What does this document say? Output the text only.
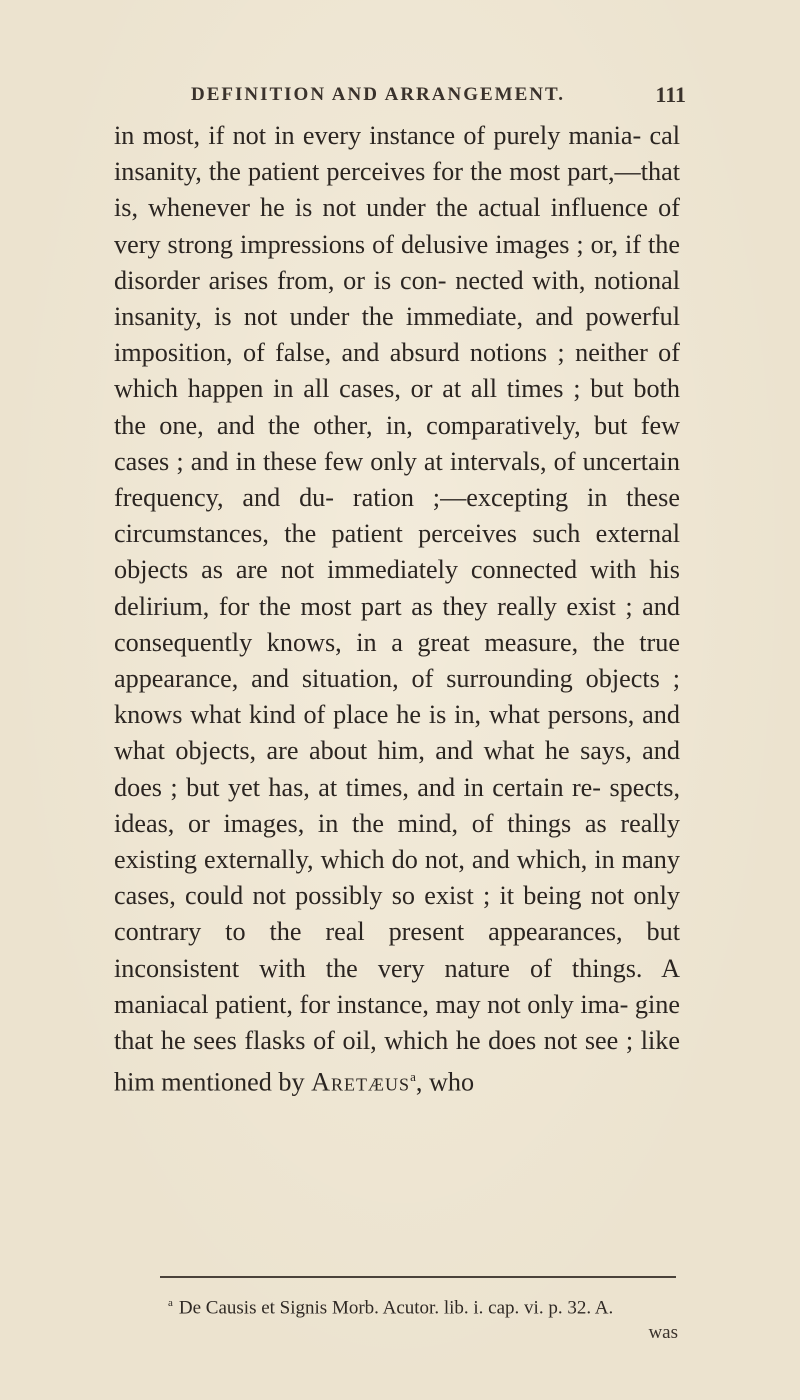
DEFINITION AND ARRANGEMENT.	111

in most, if not in every instance of purely mania- cal insanity, the patient perceives for the most part,—that is, whenever he is not under the actual influence of very strong impressions of delusive images ; or, if the disorder arises from, or is con- nected with, notional insanity, is not under the immediate, and powerful imposition, of false, and absurd notions ; neither of which happen in all cases, or at all times ; but both the one, and the other, in, comparatively, but few cases ; and in these few only at intervals, of uncertain frequency, and du- ration ;—excepting in these circumstances, the patient perceives such external objects as are not immediately connected with his delirium, for the most part as they really exist ; and consequently knows, in a great measure, the true appearance, and situation, of surrounding objects ; knows what kind of place he is in, what persons, and what objects, are about him, and what he says, and does ; but yet has, at times, and in certain re- spects, ideas, or images, in the mind, of things as really existing externally, which do not, and which, in many cases, could not possibly so exist ; it being not only contrary to the real present appearances, but inconsistent with the very nature of things. A maniacal patient, for instance, may not only ima- gine that he sees flasks of oil, which he does not see ; like him mentioned by Aretæus$^a$, who

$^a$ De Causis et Signis Morb. Acutor. lib. i. cap. vi. p. 32. A.
was
